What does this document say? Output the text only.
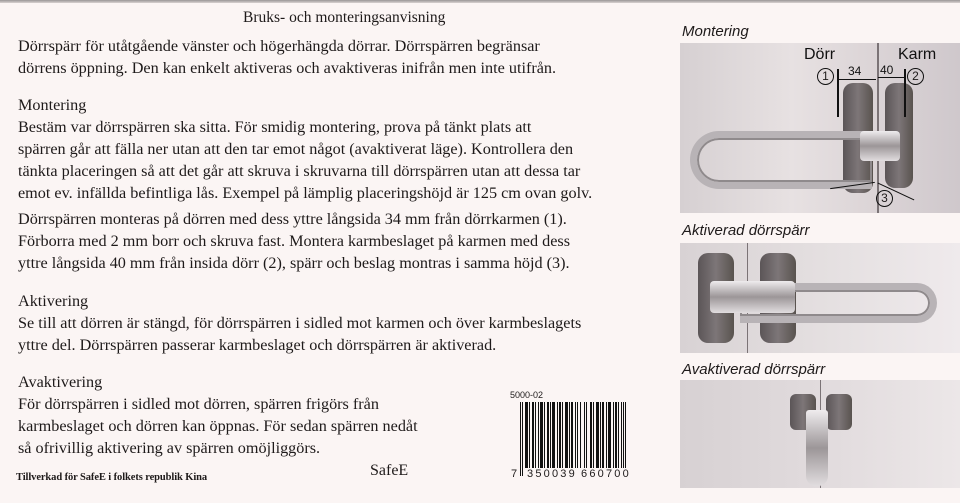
Bruks- och monteringsanvisning

Dörrspärr för utåtgående vänster och högerhängda dörrar. Dörrspärren begränsar

dörrens öppning. Den kan enkelt aktiveras och avaktiveras inifrån men inte utifrån.

Montering

Bestäm var dörrspärren ska sitta. För smidig montering, prova på tänkt plats att

spärren går att fälla ner utan att den tar emot något (avaktiverat läge). Kontrollera den

tänkta placeringen så att det går att skruva i skruvarna till dörrspärren utan att dessa tar

emot ev. infällda befintliga lås. Exempel på lämplig placeringshöjd är 125 cm ovan golv.

Dörrspärren monteras på dörren med dess yttre långsida 34 mm från dörrkarmen (1).

Förborra med 2 mm borr och skruva fast. Montera karmbeslaget på karmen med dess

yttre långsida 40 mm från insida dörr (2), spärr och beslag montras i samma höjd (3).

Aktivering

Se till att dörren är stängd, för dörrspärren i sidled mot karmen och över karmbeslagets

yttre del. Dörrspärren passerar karmbeslaget och dörrspärren är aktiverad.

Avaktivering

För dörrspärren i sidled mot dörren, spärren frigörs från

karmbeslaget och dörren kan öppnas. För sedan spärren nedåt

så ofrivillig aktivering av spärren omöjliggörs.

Tillverkad för SafeE i folkets republik Kina	SafeE
5000-02
7 350039 660700
Montering
Dörr	Karm
1	2
3
34 40
Aktiverad dörrspärr
Avaktiverad dörrspärr
